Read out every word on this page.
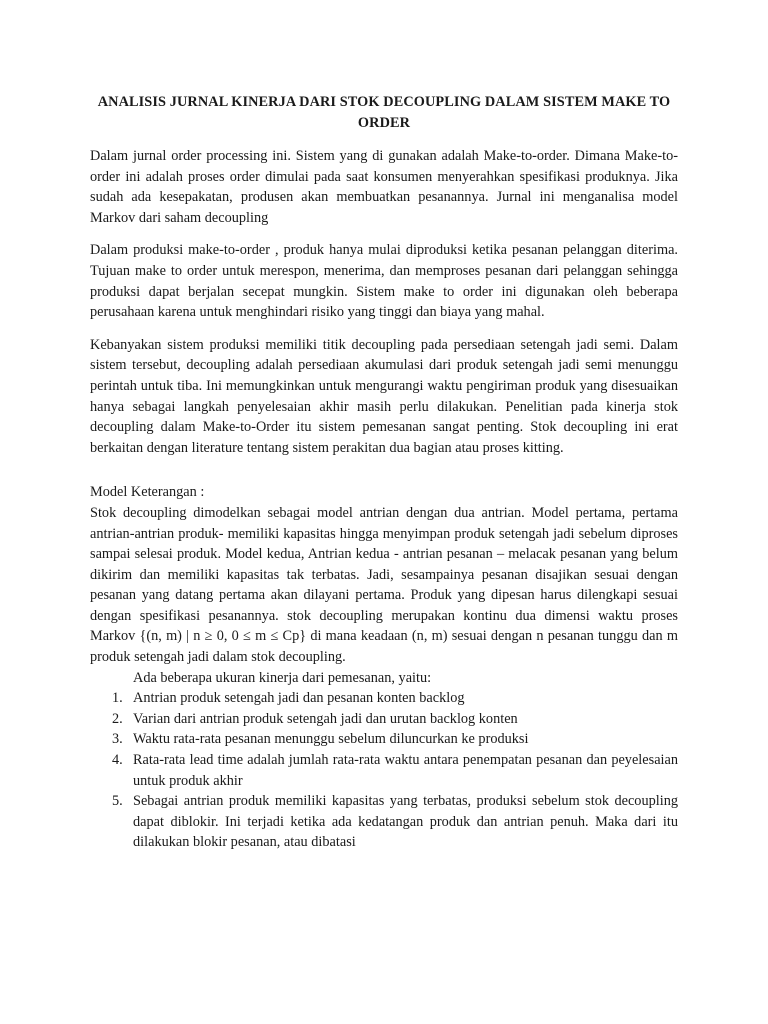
ANALISIS JURNAL KINERJA DARI STOK DECOUPLING DALAM SISTEM MAKE TO ORDER

Dalam jurnal order processing ini. Sistem yang di gunakan adalah Make-to-order. Dimana Make-to-order ini adalah proses order dimulai pada saat konsumen menyerahkan spesifikasi produknya. Jika sudah ada kesepakatan, produsen akan membuatkan pesanannya. Jurnal ini menganalisa model Markov dari saham decoupling

Dalam produksi make-to-order , produk hanya mulai diproduksi ketika pesanan pelanggan diterima. Tujuan make to order untuk merespon, menerima, dan memproses pesanan dari pelanggan sehingga produksi dapat berjalan secepat mungkin. Sistem make to order ini digunakan oleh beberapa perusahaan karena untuk menghindari risiko yang tinggi dan biaya yang mahal.

Kebanyakan sistem produksi memiliki titik decoupling pada persediaan setengah jadi semi. Dalam sistem tersebut, decoupling adalah persediaan akumulasi dari produk setengah jadi semi menunggu perintah untuk tiba. Ini memungkinkan untuk mengurangi waktu pengiriman produk yang disesuaikan hanya sebagai langkah penyelesaian akhir masih perlu dilakukan. Penelitian pada kinerja stok decoupling dalam Make-to-Order itu sistem pemesanan sangat penting. Stok decoupling ini erat berkaitan dengan literature tentang sistem perakitan dua bagian atau proses kitting.

Model Keterangan :

Stok decoupling dimodelkan sebagai model antrian dengan dua antrian. Model pertama, pertama antrian-antrian produk- memiliki kapasitas hingga menyimpan produk setengah jadi sebelum diproses sampai selesai produk. Model kedua, Antrian kedua - antrian pesanan – melacak pesanan yang belum dikirim dan memiliki kapasitas tak terbatas. Jadi, sesampainya pesanan disajikan sesuai dengan pesanan yang datang pertama akan dilayani pertama. Produk yang dipesan harus dilengkapi sesuai dengan spesifikasi pesanannya. stok decoupling merupakan kontinu dua dimensi waktu proses Markov {(n, m) | n ≥ 0, 0 ≤ m ≤ Cp} di mana keadaan (n, m) sesuai dengan n pesanan tunggu dan m produk setengah jadi dalam stok decoupling.

Ada beberapa ukuran kinerja dari pemesanan, yaitu:

1. Antrian produk setengah jadi dan pesanan konten backlog
2. Varian dari antrian produk setengah jadi dan urutan backlog konten
3. Waktu rata-rata pesanan menunggu sebelum diluncurkan ke produksi
4. Rata-rata lead time adalah jumlah rata-rata waktu antara penempatan pesanan dan peyelesaian untuk produk akhir
5. Sebagai antrian produk memiliki kapasitas yang terbatas, produksi sebelum stok decoupling dapat diblokir. Ini terjadi ketika ada kedatangan produk dan antrian penuh. Maka dari itu dilakukan blokir pesanan, atau dibatasi
